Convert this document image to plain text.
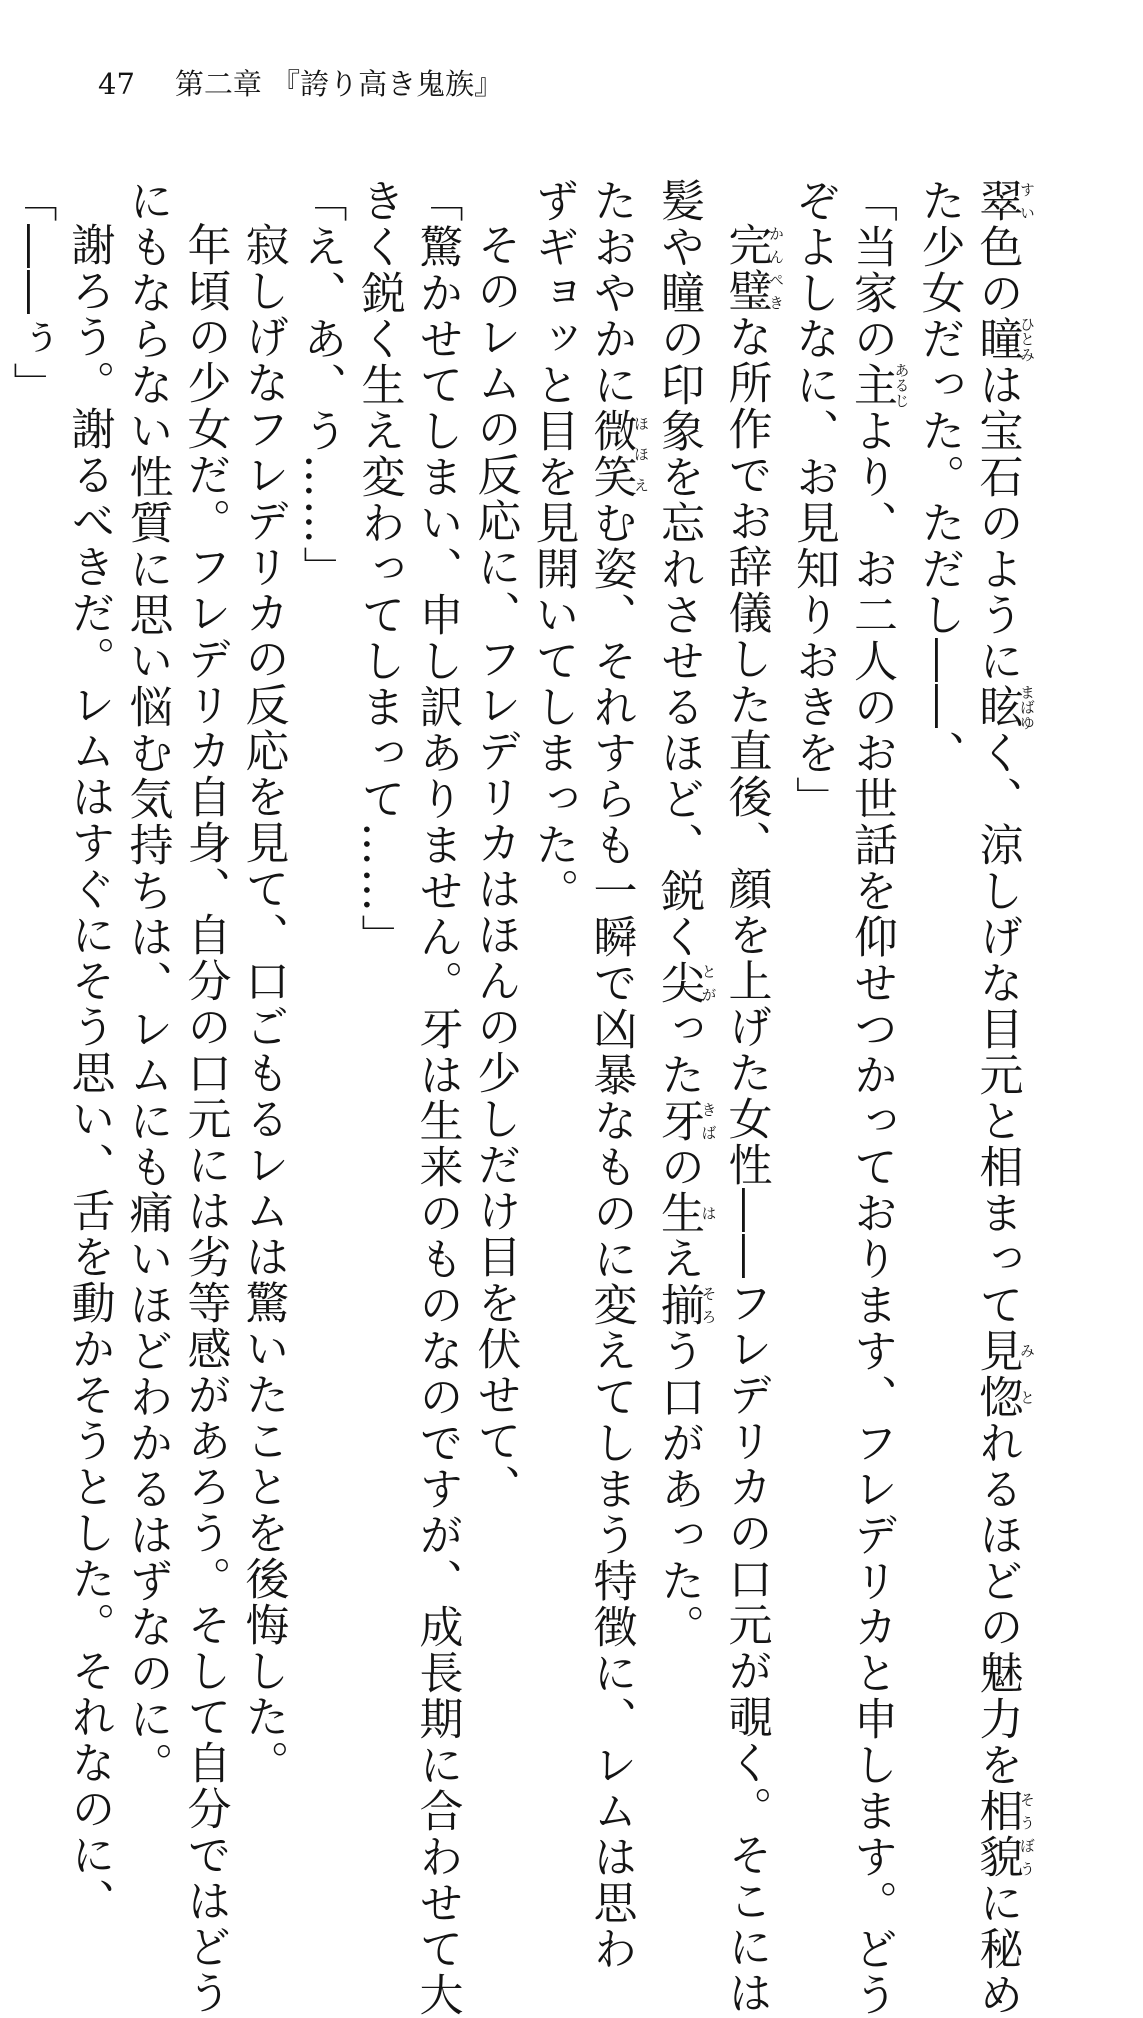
47 第二章 『誇り高き鬼族』

翠すい色の瞳ひとみは宝石のように眩まばゆく、涼しげな目元と相まって見惚みとれるほどの魅力を相貌そうぼうに秘め

た少女だった。ただし――、

「当家の主あるじより、お二人のお世話を仰せつかっております、フレデリカと申します。どう

ぞよしなに、お見知りおきを」

完璧かんぺきな所作でお辞儀した直後、顔を上げた女性――フレデリカの口元が覗く。そこには

髪や瞳の印象を忘れさせるほど、鋭く尖とがった牙きばの生はえ揃そろう口があった。

たおやかに微笑ほほえむ姿、それすらも一瞬で凶暴なものに変えてしまう特徴に、レムは思わ

ずギョッと目を見開いてしまった。

そのレムの反応に、フレデリカはほんの少しだけ目を伏せて、

「驚かせてしまい、申し訳ありません。牙は生来のものなのですが、成長期に合わせて大

きく鋭く生え変わってしまって……」

「え、あ、う……」

寂しげなフレデリカの反応を見て、口ごもるレムは驚いたことを後悔した。

年頃の少女だ。フレデリカ自身、自分の口元には劣等感があろう。そして自分ではどう

にもならない性質に思い悩む気持ちは、レムにも痛いほどわかるはずなのに。

謝ろう。謝るべきだ。レムはすぐにそう思い、舌を動かそうとした。それなのに、

「――ぅ」
